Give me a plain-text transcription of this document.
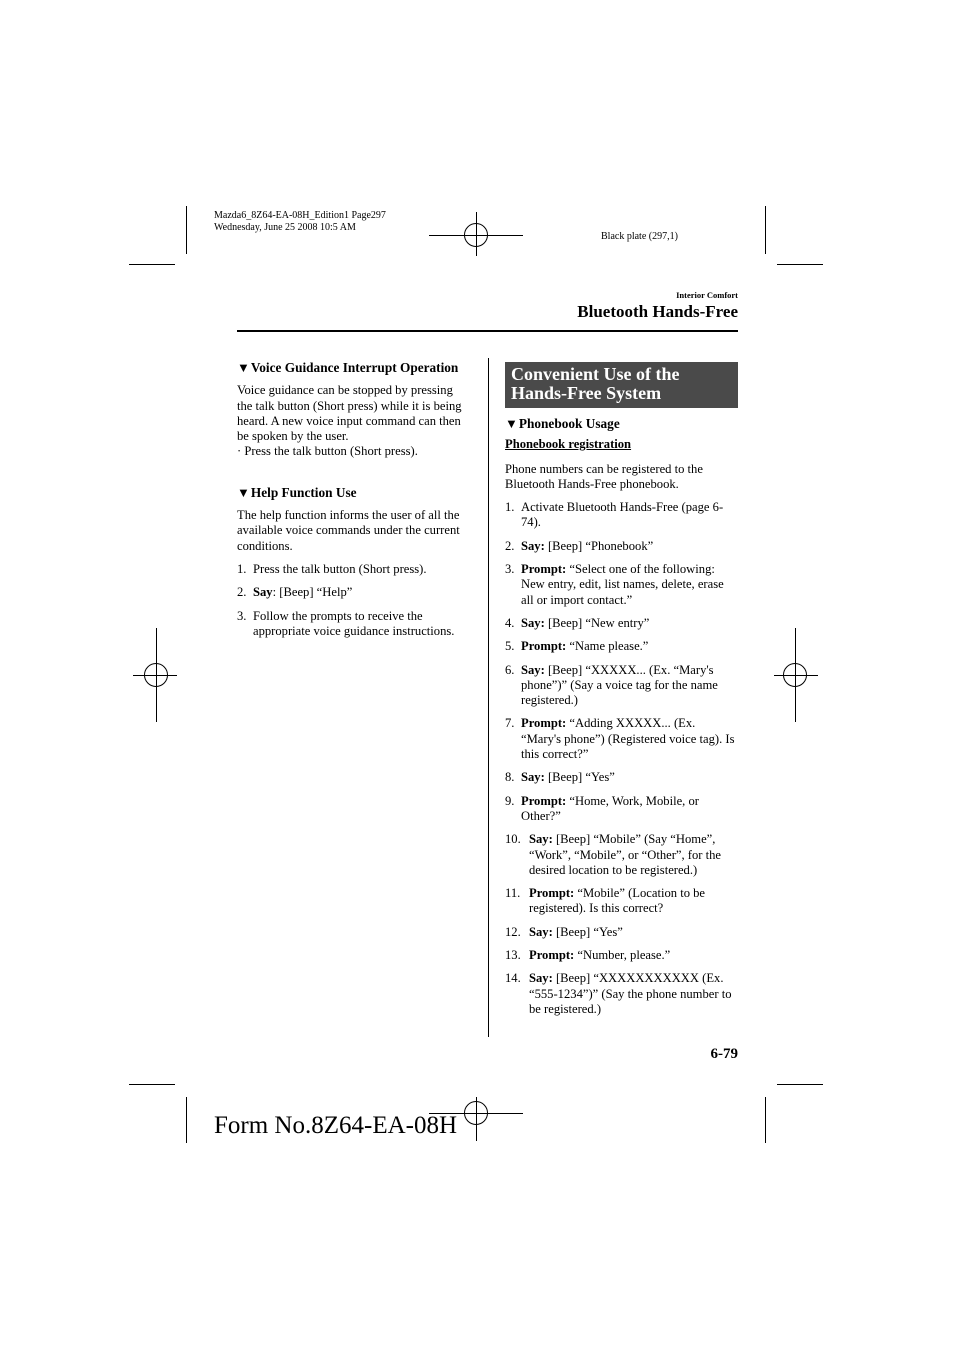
Mazda6_8Z64-EA-08H_Edition1 Page297
Wednesday, June 25 2008 10:5 AM
Black plate (297,1)
Interior Comfort
Bluetooth Hands-Free
▼Voice Guidance Interrupt Operation
Voice guidance can be stopped by pressing the talk button (Short press) while it is being heard. A new voice input command can then be spoken by the user.
· Press the talk button (Short press).
▼Help Function Use
The help function informs the user of all the available voice commands under the current conditions.
1. Press the talk button (Short press).
2. Say: [Beep] “Help”
3. Follow the prompts to receive the appropriate voice guidance instructions.
Convenient Use of the Hands-Free System
▼Phonebook Usage
Phonebook registration
Phone numbers can be registered to the Bluetooth Hands-Free phonebook.
1. Activate Bluetooth Hands-Free (page 6-74).
2. Say: [Beep] “Phonebook”
3. Prompt: “Select one of the following: New entry, edit, list names, delete, erase all or import contact.”
4. Say: [Beep] “New entry”
5. Prompt: “Name please.”
6. Say: [Beep] “XXXXX... (Ex. “Mary's phone”)” (Say a voice tag for the name registered.)
7. Prompt: “Adding XXXXX... (Ex. “Mary's phone”) (Registered voice tag). Is this correct?”
8. Say: [Beep] “Yes”
9. Prompt: “Home, Work, Mobile, or Other?”
10. Say: [Beep] “Mobile” (Say “Home”, “Work”, “Mobile”, or “Other”, for the desired location to be registered.)
11. Prompt: “Mobile” (Location to be registered). Is this correct?
12. Say: [Beep] “Yes”
13. Prompt: “Number, please.”
14. Say: [Beep] “XXXXXXXXXXX (Ex. “555-1234”)” (Say the phone number to be registered.)
6-79
Form No.8Z64-EA-08H
